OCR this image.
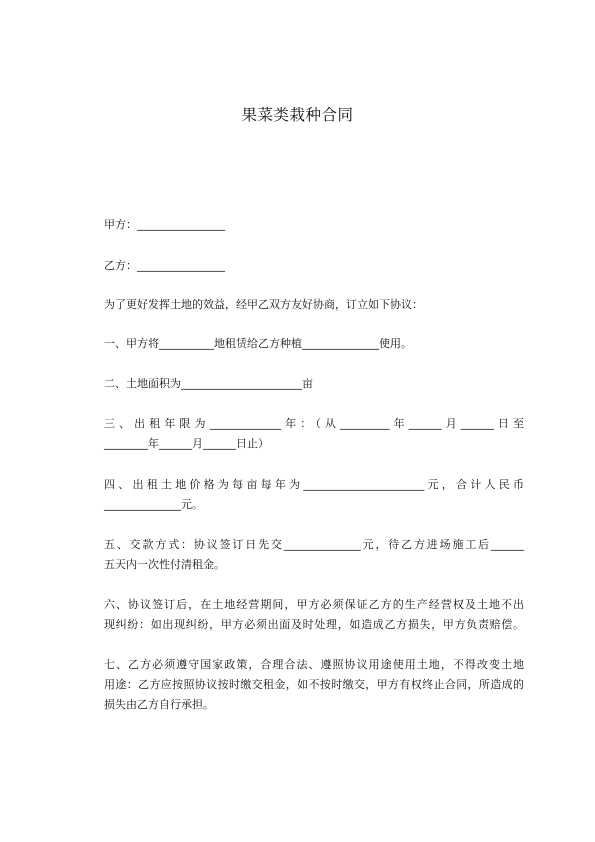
果菜类栽种合同
甲方：________________
乙方：________________
为了更好发挥土地的效益，经甲乙双方友好协商，订立如下协议：
一、甲方将__________地租赁给乙方种植______________使用。
二、土地面积为______________________亩
三、出租年限为_____________年：（从_________年______月______日至
________年______月______日止）
四、出租土地价格为每亩每年为______________________元，合计人民币
______________元。
五、交款方式：协议签订日先交______________元，待乙方进场施工后______
五天内一次性付清租金。
六、协议签订后，在土地经营期间，甲方必须保证乙方的生产经营权及土地不出
现纠纷：如出现纠纷，甲方必须出面及时处理，如造成乙方损失，甲方负责赔偿。
七、乙方必须遵守国家政策，合理合法、遵照协议用途使用土地，不得改变土地
用途：乙方应按照协议按时缴交租金，如不按时缴交，甲方有权终止合同，所造成的
损失由乙方自行承担。
